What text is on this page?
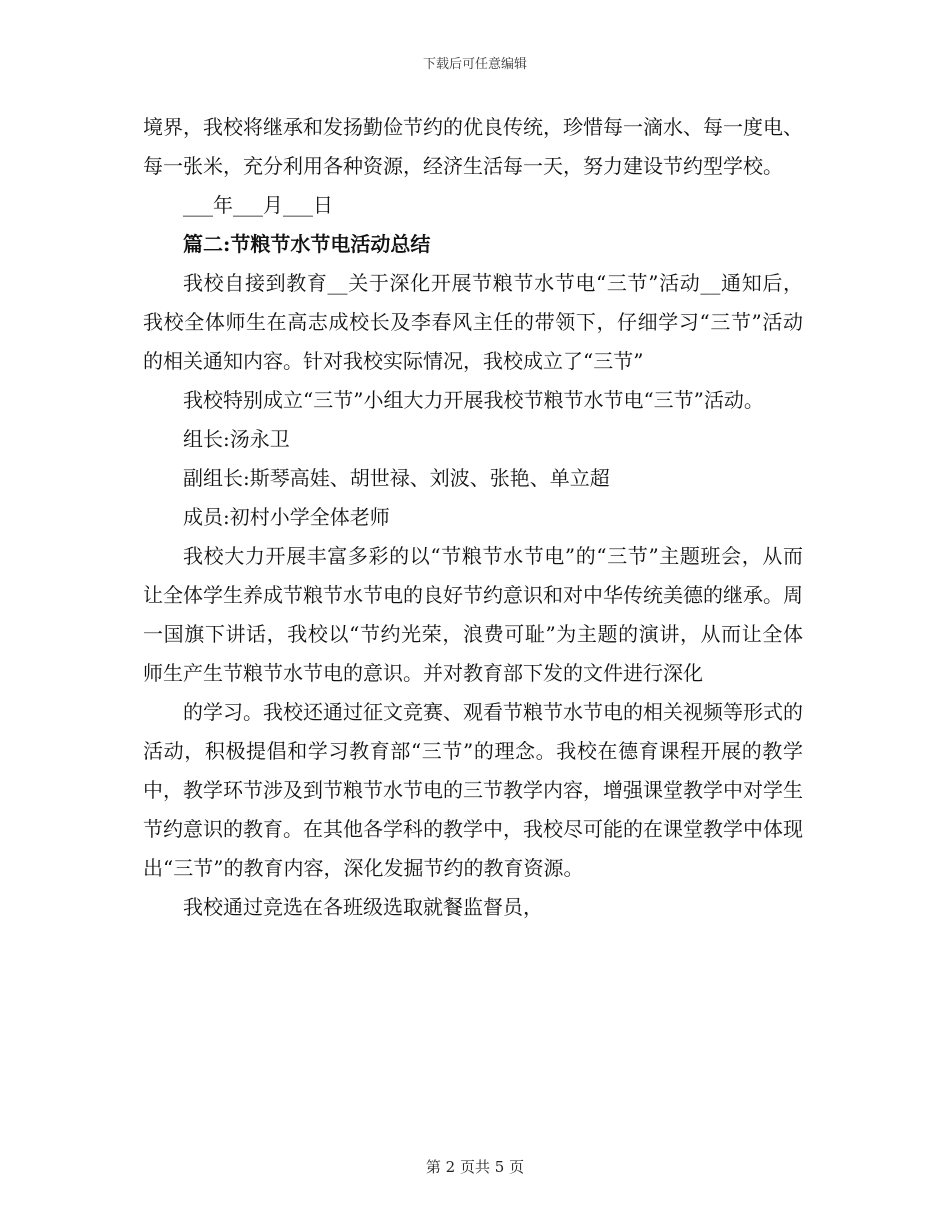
下载后可任意编辑

境界，我校将继承和发扬勤俭节约的优良传统，珍惜每一滴水、每一度电、每一张米，充分利用各种资源，经济生活每一天，努力建设节约型学校。

___年___月___日

篇二:节粮节水节电活动总结

我校自接到教育__关于深化开展节粮节水节电“三节”活动__通知后，我校全体师生在高志成校长及李春风主任的带领下，仔细学习“三节”活动的相关通知内容。针对我校实际情况，我校成立了“三节”

我校特别成立“三节”小组大力开展我校节粮节水节电“三节”活动。

组长:汤永卫

副组长:斯琴高娃、胡世禄、刘波、张艳、单立超

成员:初村小学全体老师

我校大力开展丰富多彩的以“节粮节水节电”的“三节”主题班会，从而让全体学生养成节粮节水节电的良好节约意识和对中华传统美德的继承。周一国旗下讲话，我校以“节约光荣，浪费可耻”为主题的演讲，从而让全体师生产生节粮节水节电的意识。并对教育部下发的文件进行深化

的学习。我校还通过征文竞赛、观看节粮节水节电的相关视频等形式的活动，积极提倡和学习教育部“三节”的理念。我校在德育课程开展的教学中，教学环节涉及到节粮节水节电的三节教学内容，增强课堂教学中对学生节约意识的教育。在其他各学科的教学中，我校尽可能的在课堂教学中体现出“三节”的教育内容，深化发掘节约的教育资源。

我校通过竞选在各班级选取就餐监督员，

第 2 页共 5 页
